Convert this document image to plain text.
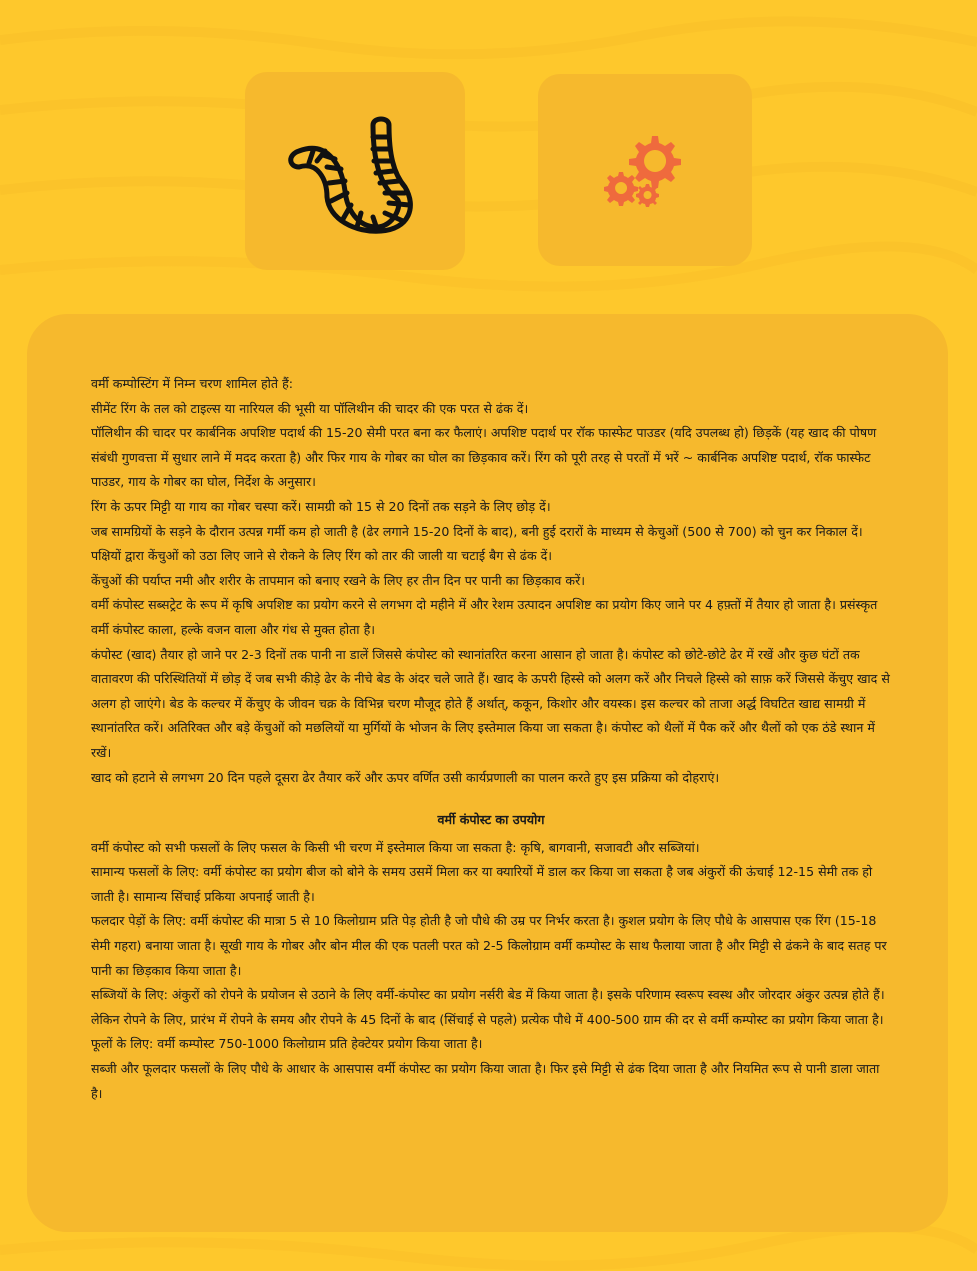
वर्मी कम्पोस्टिंग में निम्न चरण शामिल होते हैं:

सीमेंट रिंग के तल को टाइल्स या नारियल की भूसी या पॉलिथीन की चादर की एक परत से ढंक दें।

पॉलिथीन की चादर पर कार्बनिक अपशिष्ट पदार्थ की 15-20 सेमी परत बना कर फैलाएं। अपशिष्ट पदार्थ पर रॉक फास्फेट पाउडर (यदि उपलब्ध हो) छिड़कें (यह खाद की पोषण संबंधी गुणवत्ता में सुधार लाने में मदद करता है) और फिर गाय के गोबर का घोल का छिड़काव करें। रिंग को पूरी तरह से परतों में भरें ~ कार्बनिक अपशिष्ट पदार्थ, रॉक फास्फेट पाउडर, गाय के गोबर का घोल, निर्देश के अनुसार।

रिंग के ऊपर मिट्टी या गाय का गोबर चस्पा करें। सामग्री को 15 से 20 दिनों तक सड़ने के लिए छोड़ दें।

जब सामग्रियों के सड़ने के दौरान उत्पन्न गर्मी कम हो जाती है (ढेर लगाने 15-20 दिनों के बाद), बनी हुई दरारों के माध्यम से केचुओं (500 से 700) को चुन कर निकाल दें।पक्षियों द्वारा केंचुओं को उठा लिए जाने से रोकने के लिए रिंग को तार की जाली या चटाई बैग से ढंक दें।

केंचुओं की पर्याप्त नमी और शरीर के तापमान को बनाए रखने के लिए हर तीन दिन पर पानी का छिड़काव करें।

वर्मी कंपोस्ट सब्सट्रेट के रूप में कृषि अपशिष्ट का प्रयोग करने से लगभग दो महीने में और रेशम उत्पादन अपशिष्ट का प्रयोग किए जाने पर 4 हफ़्तों में तैयार हो जाता है। प्रसंस्कृत वर्मी कंपोस्ट काला, हल्के वजन वाला और गंध से मुक्त होता है।

कंपोस्ट (खाद) तैयार हो जाने पर 2-3 दिनों तक पानी ना डालें जिससे कंपोस्ट को स्थानांतरित करना आसान हो जाता है। कंपोस्ट को छोटे-छोटे ढेर में रखें और कुछ घंटों तक वातावरण की परिस्थितियों में छोड़ दें जब सभी कीड़े ढेर के नीचे बेड के अंदर चले जाते हैं। खाद के ऊपरी हिस्से को अलग करें और निचले हिस्से को साफ़ करें जिससे केंचुए खाद से अलग हो जाएंगे। बेड के कल्चर में केंचुए के जीवन चक्र के विभिन्न चरण मौजूद होते हैं अर्थात्, ककून, किशोर और वयस्क। इस कल्चर को ताजा अर्द्ध विघटित खाद्य सामग्री में स्थानांतरित करें। अतिरिक्त और बड़े केंचुओं को मछलियों या मुर्गियों के भोजन के लिए इस्तेमाल किया जा सकता है। कंपोस्ट को थैलों में पैक करें और थैलों को एक ठंडे स्थान में रखें।

खाद को हटाने से लगभग 20 दिन पहले दूसरा ढेर तैयार करें और ऊपर वर्णित उसी कार्यप्रणाली का पालन करते हुए इस प्रक्रिया को दोहराएं।

वर्मी कंपोस्ट का उपयोग

वर्मी कंपोस्ट को सभी फसलों के लिए फसल के किसी भी चरण में इस्तेमाल किया जा सकता है: कृषि, बागवानी, सजावटी और सब्जियां।

सामान्य फसलों के लिए: वर्मी कंपोस्ट का प्रयोग बीज को बोने के समय उसमें मिला कर या क्यारियों में डाल कर किया जा सकता है जब अंकुरों की ऊंचाई 12-15 सेमी तक हो जाती है। सामान्य सिंचाई प्रकिया अपनाई जाती है।

फलदार पेड़ों के लिए: वर्मी कंपोस्ट की मात्रा 5 से 10 किलोग्राम प्रति पेड़ होती है जो पौधे की उम्र पर निर्भर करता है। कुशल प्रयोग के लिए पौधे के आसपास एक रिंग (15-18 सेमी गहरा) बनाया जाता है। सूखी गाय के गोबर और बोन मील की एक पतली परत को 2-5 किलोग्राम वर्मी कम्पोस्ट के साथ फैलाया जाता है और मिट्टी से ढंकने के बाद सतह पर पानी का छिड़काव किया जाता है।

सब्जियों के लिए: अंकुरों को रोपने के प्रयोजन से उठाने के लिए वर्मी-कंपोस्ट का प्रयोग नर्सरी बेड में किया जाता है। इसके परिणाम स्वरूप स्वस्थ और जोरदार अंकुर उत्पन्न होते हैं। लेकिन रोपने के लिए, प्रारंभ में रोपने के समय और रोपने के 45 दिनों के बाद (सिंचाई से पहले) प्रत्येक पौधे में 400-500 ग्राम की दर से वर्मी कम्पोस्ट का प्रयोग किया जाता है।

फूलों के लिए: वर्मी कम्पोस्ट 750-1000 किलोग्राम प्रति हेक्टेयर प्रयोग किया जाता है।

सब्जी और फूलदार फसलों के लिए पौधे के आधार के आसपास वर्मी कंपोस्ट का प्रयोग किया जाता है। फिर इसे मिट्टी से ढंक दिया जाता है और नियमित रूप से पानी डाला जाता है।
